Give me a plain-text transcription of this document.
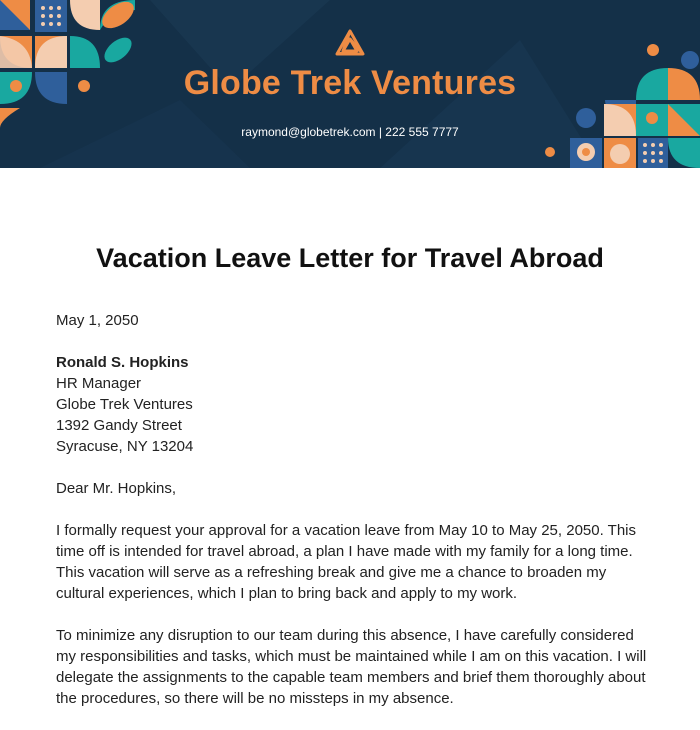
Globe Trek Ventures
raymond@globetrek.com | 222 555 7777
Vacation Leave Letter for Travel Abroad

May 1, 2050

Ronald S. Hopkins

HR Manager

Globe Trek Ventures

1392 Gandy Street

Syracuse, NY 13204

Dear Mr. Hopkins,

I formally request your approval for a vacation leave from May 10 to May 25, 2050. This time off is intended for travel abroad, a plan I have made with my family for a long time. This vacation will serve as a refreshing break and give me a chance to broaden my cultural experiences, which I plan to bring back and apply to my work.

To minimize any disruption to our team during this absence, I have carefully considered my responsibilities and tasks, which must be maintained while I am on this vacation. I will delegate the assignments to the capable team members and brief them thoroughly about the procedures, so there will be no missteps in my absence.
